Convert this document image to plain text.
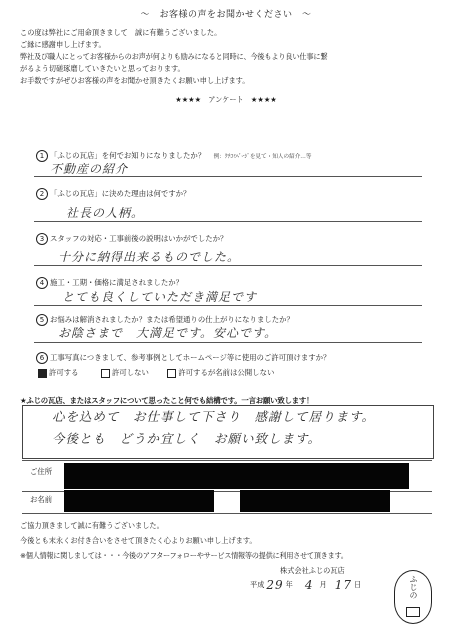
～　お客様の声をお聞かせください　～
この度は弊社にご用命頂きまして　誠に有難うございました。
ご縁に感謝申し上げます。
弊社及び職人にとってお客様からのお声が何よりも励みになると同時に、今後もより良い仕事に繋
がるよう切磋琢磨していきたいと思っております。
お手数ですがぜひお客様の声をお聞かせ頂きたくお願い申し上げます。
★★★★　アンケート　★★★★
1 「ふじの瓦店」を何でお知りになりましたか？ 例：ｸﾁｺﾐﾍﾟｰｼﾞを見て・知人の紹介…等
不動産の紹介
2 「ふじの瓦店」に決めた理由は何ですか？
社長の人柄。
3 スタッフの対応・工事前後の説明はいかがでしたか？
十分に納得出来るものでした。
4 施工・工期・価格に満足されましたか？
とても良くしていただき満足です
5 お悩みは解消されましたか？または希望通りの仕上がりになりましたか？
お陰さまで　大満足です。安心です。
6 工事写真につきまして、参考事例としてホームページ等に使用のご許可頂けますか？
許可する	許可しない	許可するが名前は公開しない
★ふじの瓦店、またはスタッフについて思ったこと何でも結構です。一言お願い致します！
心を込めて　お仕事して下さり　感謝して居ります。
今後とも　どうか宜しく　お願い致します。
ご住所
お名前
ご協力頂きまして誠に有難うございました。
今後とも末永くお付き合いをさせて頂きたく心よりお願い申し上げます。
※個人情報に関しましては・・・今後のアフターフォローやサービス情報等の提供に利用させて頂きます。
株式会社ふじの瓦店
平成 29 年 4 月 17 日	ふじの
